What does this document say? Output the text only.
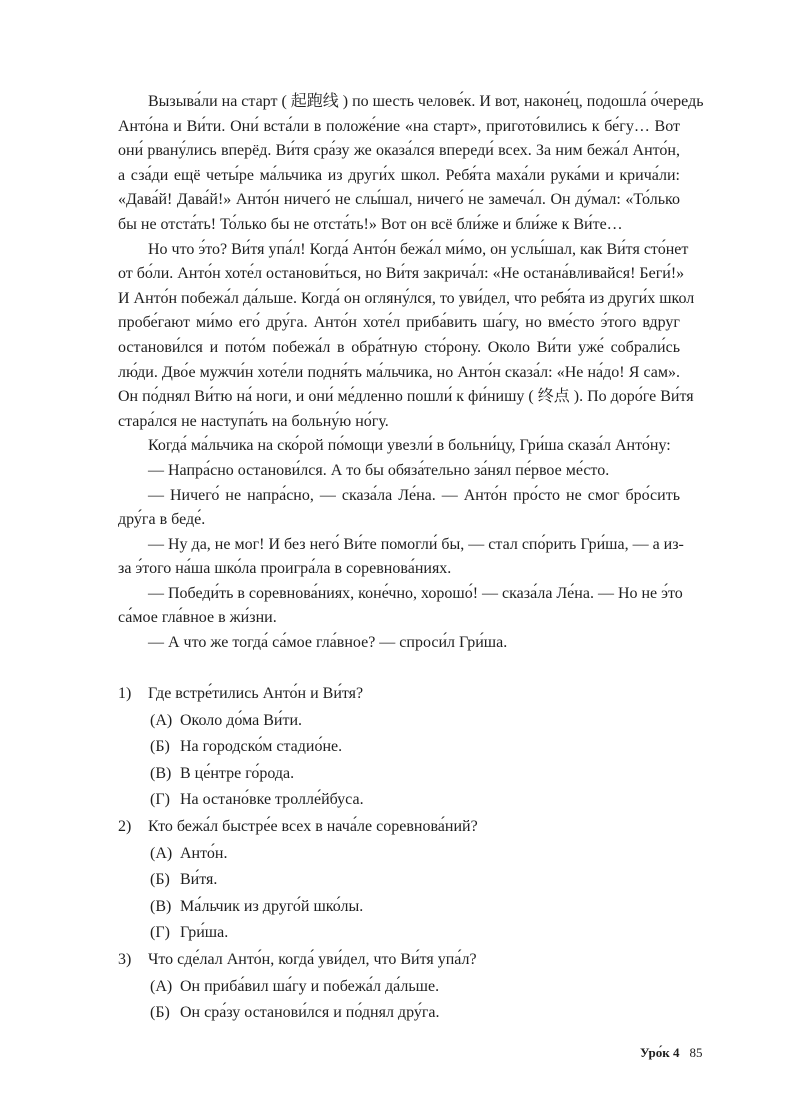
Вызыва́ли на старт ( 起跑线 ) по шесть челове́к. И вот, наконе́ц, подошла́ о́чередь
Анто́на и Ви́ти. Они́ вста́ли в положе́ние «на старт», пригото́вились к бе́гу… Вот
они́ рвану́лись вперёд. Ви́тя сра́зу же оказа́лся впереди́ всех. За ним бежа́л Анто́н,
а сза́ди ещё четы́ре ма́льчика из други́х школ. Ребя́та маха́ли рука́ми и крича́ли:
«Дава́й! Дава́й!» Анто́н ничего́ не слы́шал, ничего́ не замеча́л. Он ду́мал: «То́лько
бы не отста́ть! То́лько бы не отста́ть!» Вот он всё бли́же и бли́же к Ви́те…
Но что э́то? Ви́тя упа́л! Когда́ Анто́н бежа́л ми́мо, он услы́шал, как Ви́тя сто́нет
от бо́ли. Анто́н хоте́л останови́ться, но Ви́тя закрича́л: «Не остана́вливайся! Беги́!»
И Анто́н побежа́л да́льше. Когда́ он огляну́лся, то уви́дел, что ребя́та из други́х школ
пробе́гают ми́мо его́ дру́га. Анто́н хоте́л приба́вить ша́гу, но вме́сто э́того вдруг
останови́лся и пото́м побежа́л в обра́тную сто́рону. Около Ви́ти уже́ собрали́сь
лю́ди. Дво́е мужчи́н хоте́ли подня́ть ма́льчика, но Анто́н сказа́л: «Не на́до! Я сам».
Он по́днял Ви́тю на́ ноги, и они́ ме́дленно пошли́ к фи́нишу ( 终点 ). По доро́ге Ви́тя
стара́лся не наступа́ть на больну́ю но́гу.
Когда́ ма́льчика на ско́рой по́мощи увезли́ в больни́цу, Гри́ша сказа́л Анто́ну:
— Напра́сно останови́лся. А то бы обяза́тельно за́нял пе́рвое ме́сто.
— Ничего́ не напра́сно, — сказа́ла Ле́на. — Анто́н про́сто не смог бро́сить
дру́га в беде́.
— Ну да, не мог! И без него́ Ви́те помогли́ бы, — стал спо́рить Гри́ша, — а из-
за э́того на́ша шко́ла проигра́ла в соревнова́ниях.
— Победи́ть в соревнова́ниях, коне́чно, хорошо́! — сказа́ла Ле́на. — Но не э́то
са́мое гла́вное в жи́зни.
— А что же тогда́ са́мое гла́вное? — спроси́л Гри́ша.
1)	Где встре́тились Анто́н и Ви́тя?
(А) Около до́ма Ви́ти.
(Б) На городско́м стадио́не.
(В) В це́нтре го́рода.
(Г) На остано́вке тролле́йбуса.
2)	Кто бежа́л быстре́е всех в нача́ле соревнова́ний?
(А) Анто́н.
(Б) Ви́тя.
(В) Ма́льчик из друго́й шко́лы.
(Г) Гри́ша.
3)	Что сде́лал Анто́н, когда́ уви́дел, что Ви́тя упа́л?
(А) Он приба́вил ша́гу и побежа́л да́льше.
(Б) Он сра́зу останови́лся и по́днял дру́га.
Уро́к 4 85
